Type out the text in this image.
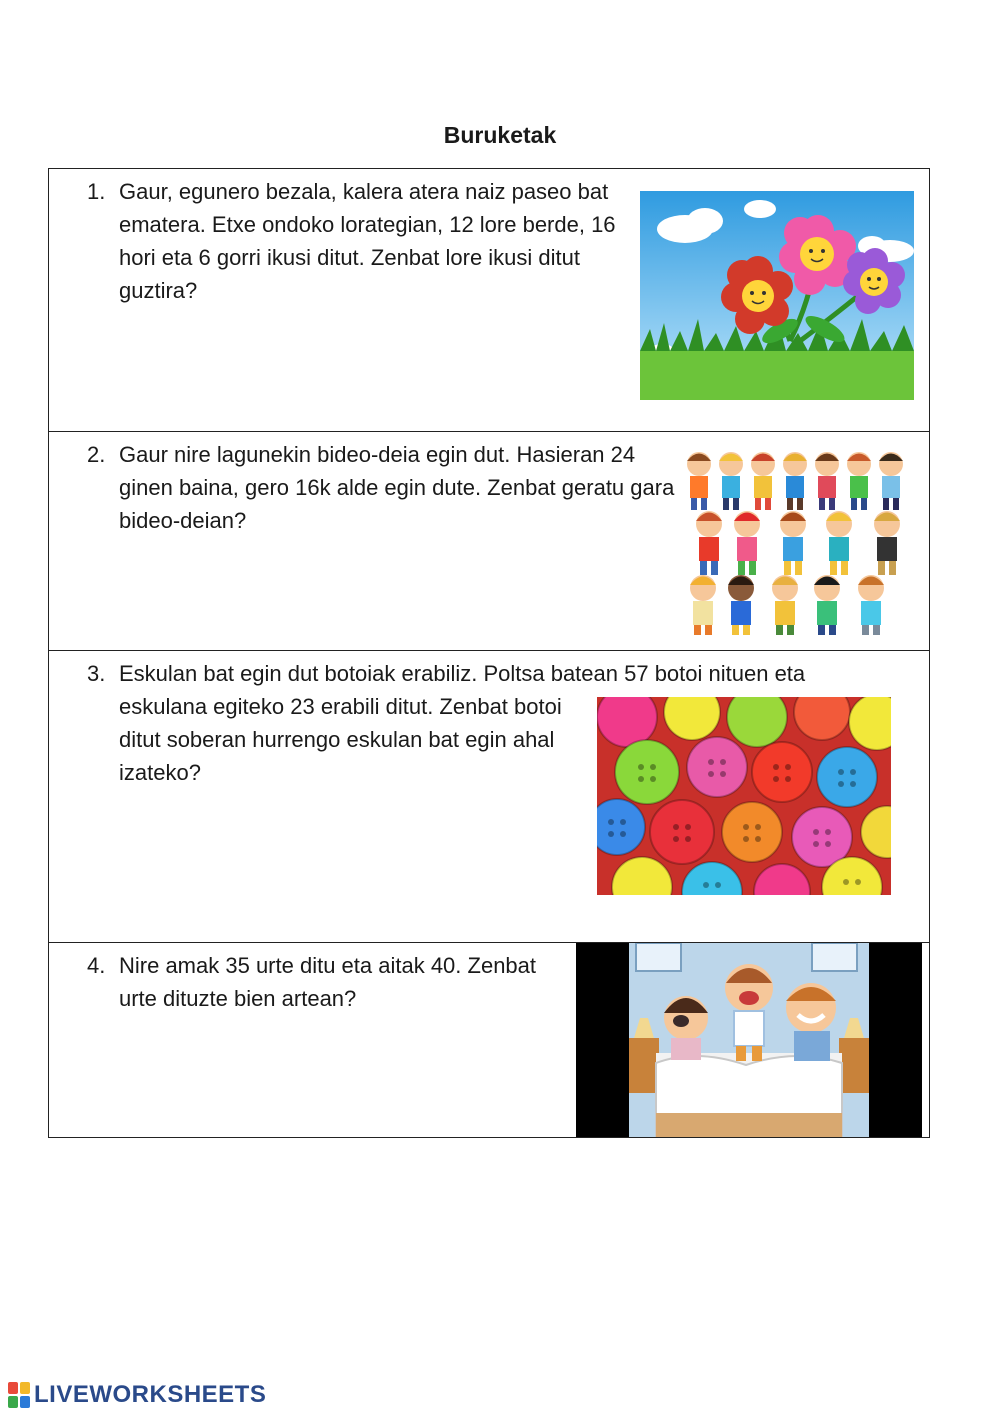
Buruketak
1. Gaur, egunero bezala, kalera atera naiz paseo bat ematera. Etxe ondoko lorategian, 12 lore berde, 16 hori eta 6 gorri ikusi ditut. Zenbat lore ikusi ditut guztira?
2. Gaur nire lagunekin bideo-deia egin dut. Hasieran 24 ginen baina, gero 16k alde egin dute. Zenbat geratu gara bideo-deian?
3. Eskulan bat egin dut botoiak erabiliz. Poltsa batean 57 botoi nituen eta
eskulana egiteko 23 erabili ditut. Zenbat botoi ditut soberan hurrengo eskulan bat egin ahal izateko?
4. Nire amak 35 urte ditu eta aitak 40. Zenbat urte dituzte bien artean?
LIVEWORKSHEETS
